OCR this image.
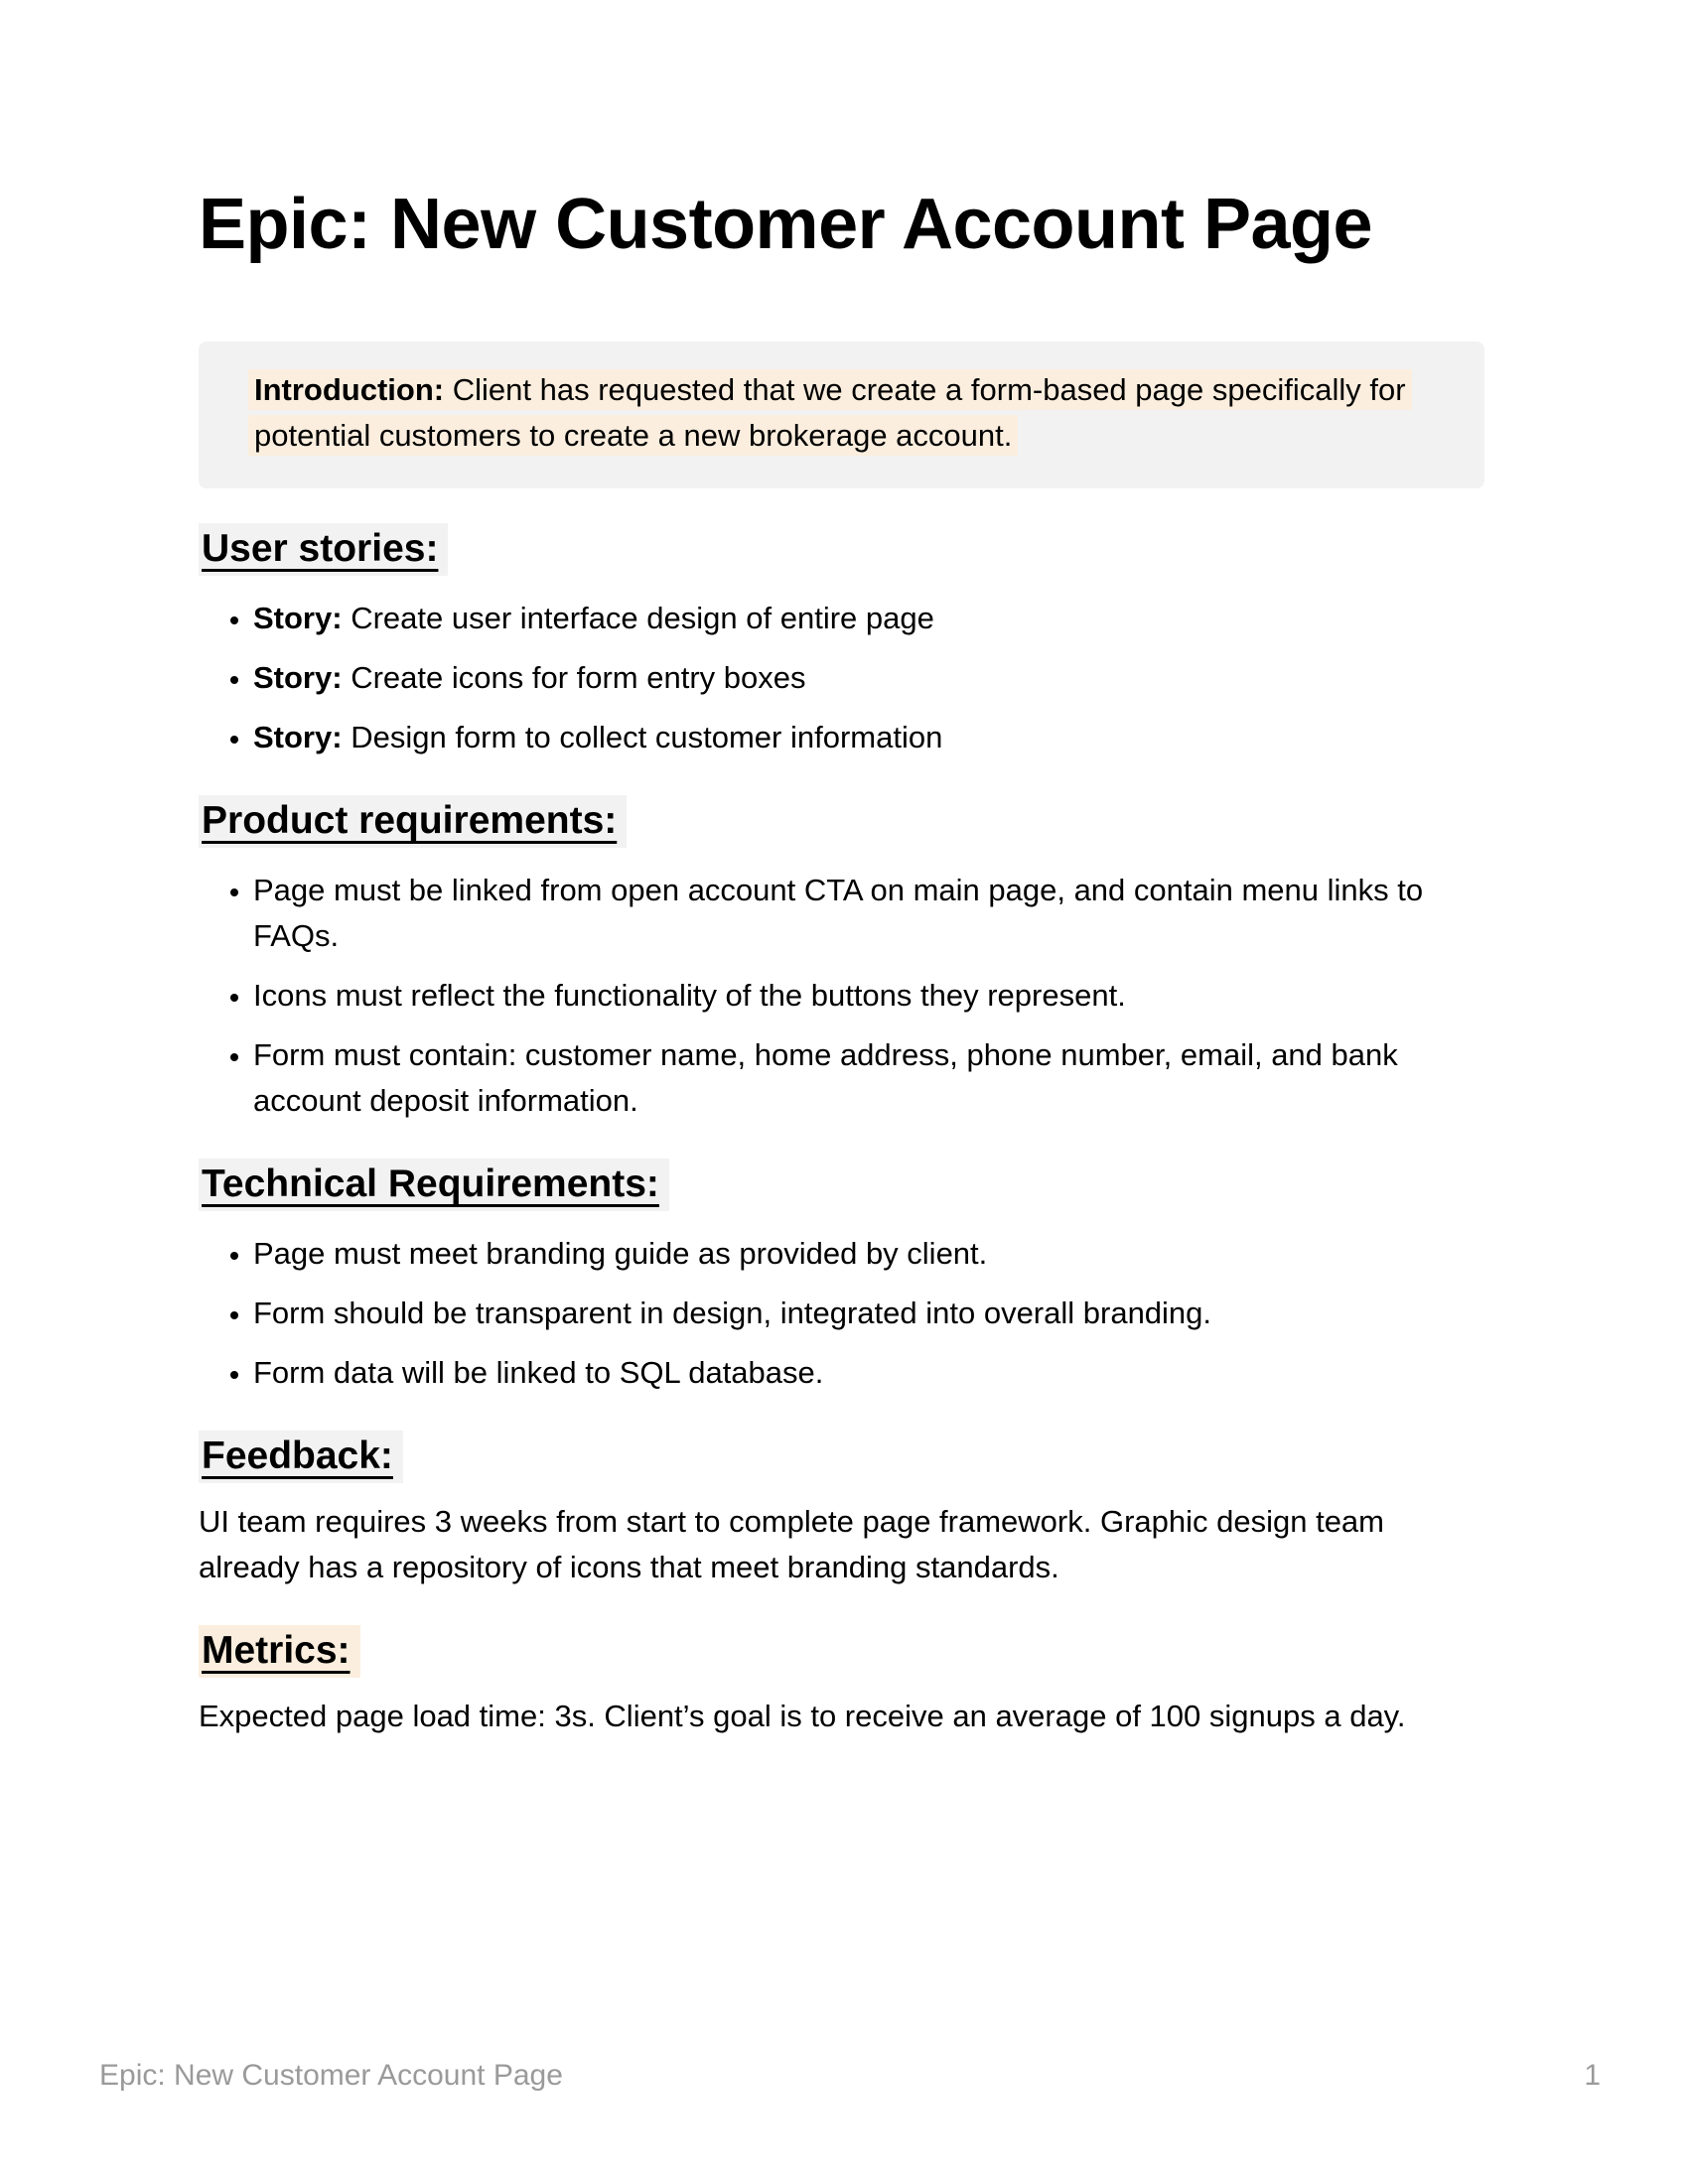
Epic: New Customer Account Page
Introduction: Client has requested that we create a form-based page specifically for potential customers to create a new brokerage account.
User stories:
• Story: Create user interface design of entire page
• Story: Create icons for form entry boxes
• Story: Design form to collect customer information
Product requirements:
• Page must be linked from open account CTA on main page, and contain menu links to FAQs.
• Icons must reflect the functionality of the buttons they represent.
• Form must contain: customer name, home address, phone number, email, and bank account deposit information.
Technical Requirements:
• Page must meet branding guide as provided by client.
• Form should be transparent in design, integrated into overall branding.
• Form data will be linked to SQL database.
Feedback:

UI team requires 3 weeks from start to complete page framework. Graphic design team already has a repository of icons that meet branding standards.

Metrics:

Expected page load time: 3s. Client’s goal is to receive an average of 100 signups a day.

Epic: New Customer Account Page	1
